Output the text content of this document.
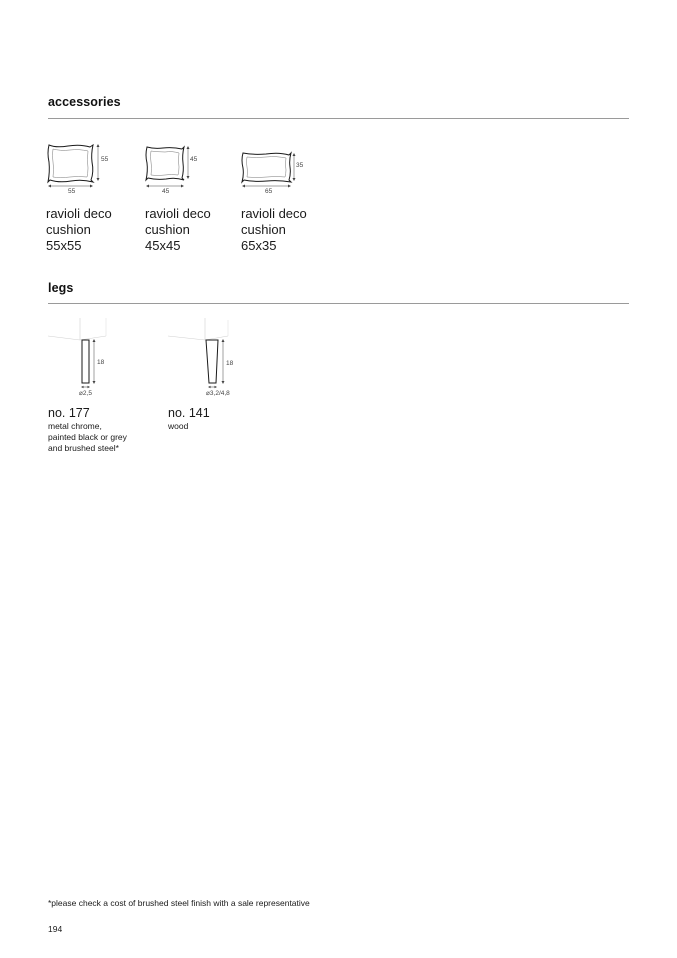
accessories
55
55
ravioli deco
cushion
55x55
45
45
ravioli deco
cushion
45x45
35
65
ravioli deco
cushion
65x35
legs
18
⌀2,5
no. 177
metal chrome,
painted black or grey
and brushed steel*
18
⌀3,2/4,8
no. 141
wood
*please check a cost of brushed steel finish with a sale representative
194
